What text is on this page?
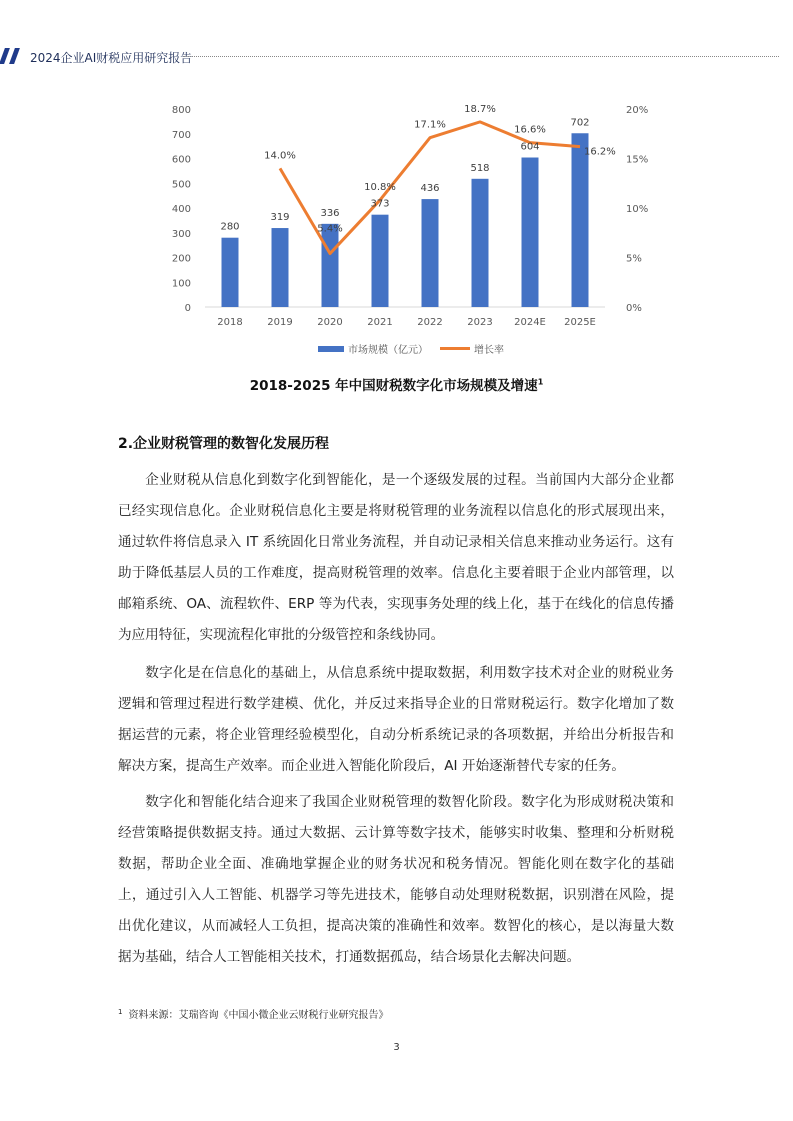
2024企业AI财税应用研究报告
0
100
200
300
400
500
600
700
800
0%
5%
10%
15%
20%
2018 2019 2020 2021 2022 2023 2024E 2025E
280
319	336
373
436
518
604
702
14.0%
5.4%
10.8%
17.1%
18.7%
16.6%
16.2%
市场规模（亿元）	增长率
2018-2025 年中国财税数字化市场规模及增速$^1$
2.企业财税管理的数智化发展历程

企业财税从信息化到数字化到智能化，是一个逐级发展的过程。当前国内大部分企业都已经实现信息化。企业财税信息化主要是将财税管理的业务流程以信息化的形式展现出来，通过软件将信息录入 IT 系统固化日常业务流程，并自动记录相关信息来推动业务运行。这有助于降低基层人员的工作难度，提高财税管理的效率。信息化主要着眼于企业内部管理，以邮箱系统、OA、流程软件、ERP 等为代表，实现事务处理的线上化，基于在线化的信息传播为应用特征，实现流程化审批的分级管控和条线协同。

数字化是在信息化的基础上，从信息系统中提取数据，利用数字技术对企业的财税业务逻辑和管理过程进行数学建模、优化，并反过来指导企业的日常财税运行。数字化增加了数据运营的元素，将企业管理经验模型化，自动分析系统记录的各项数据，并给出分析报告和解决方案，提高生产效率。而企业进入智能化阶段后，AI 开始逐渐替代专家的任务。

数字化和智能化结合迎来了我国企业财税管理的数智化阶段。数字化为形成财税决策和经营策略提供数据支持。通过大数据、云计算等数字技术，能够实时收集、整理和分析财税数据，帮助企业全面、准确地掌握企业的财务状况和税务情况。智能化则在数字化的基础上，通过引入人工智能、机器学习等先进技术，能够自动处理财税数据，识别潜在风险，提出优化建议，从而减轻人工负担，提高决策的准确性和效率。数智化的核心，是以海量大数据为基础，结合人工智能相关技术，打通数据孤岛，结合场景化去解决问题。

$^1$ 资料来源：艾瑞咨询《中国小微企业云财税行业研究报告》
3
